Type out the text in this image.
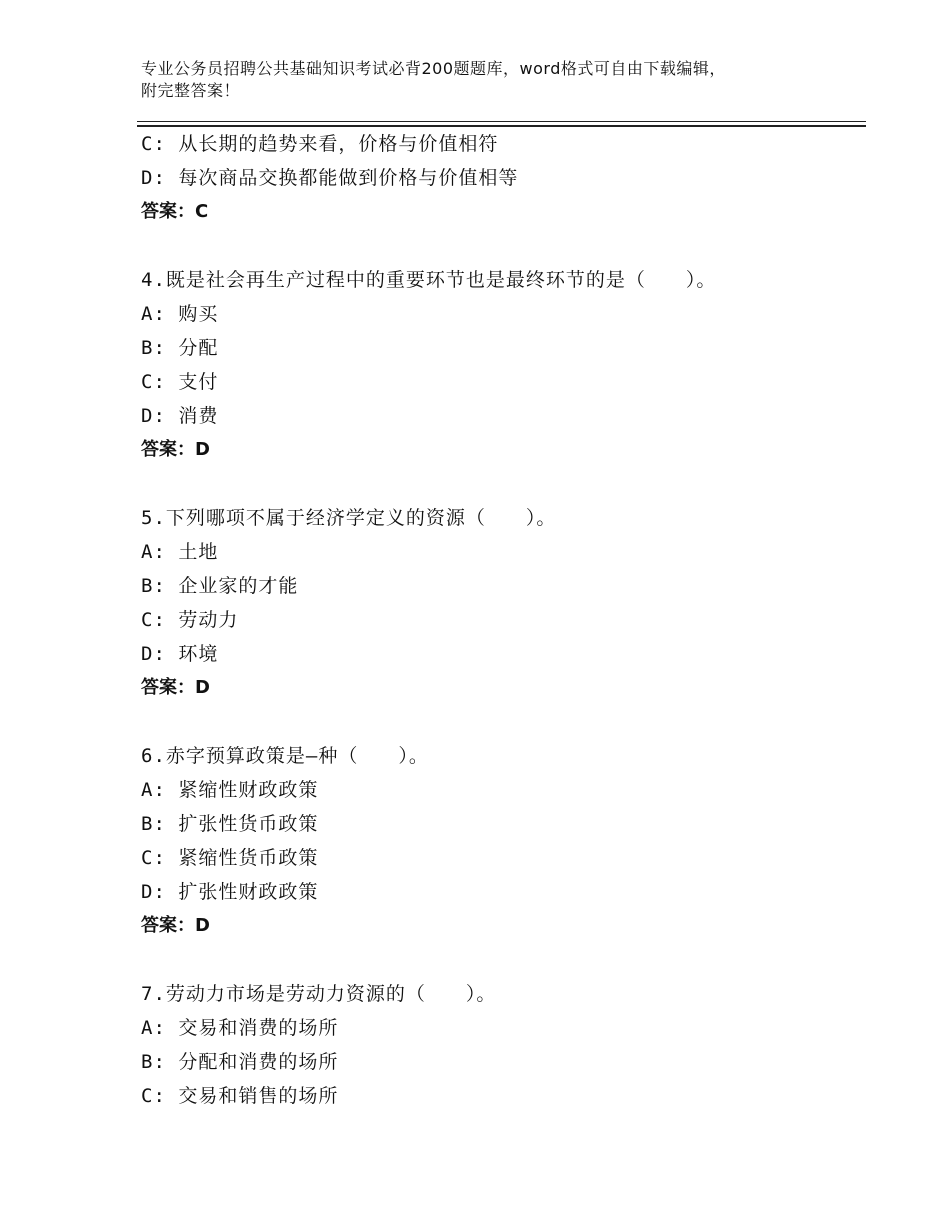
专业公务员招聘公共基础知识考试必背200题题库，word格式可自由下载编辑，
附完整答案！
C: 从长期的趋势来看，价格与价值相符
D: 每次商品交换都能做到价格与价值相等
答案：C
4.既是社会再生产过程中的重要环节也是最终环节的是（　　）。
A: 购买
B: 分配
C: 支付
D: 消费
答案：D
5.下列哪项不属于经济学定义的资源（　　）。
A: 土地
B: 企业家的才能
C: 劳动力
D: 环境
答案：D
6.赤字预算政策是—种（　　）。
A: 紧缩性财政政策
B: 扩张性货币政策
C: 紧缩性货币政策
D: 扩张性财政政策
答案：D
7.劳动力市场是劳动力资源的（　　）。
A: 交易和消费的场所
B: 分配和消费的场所
C: 交易和销售的场所
